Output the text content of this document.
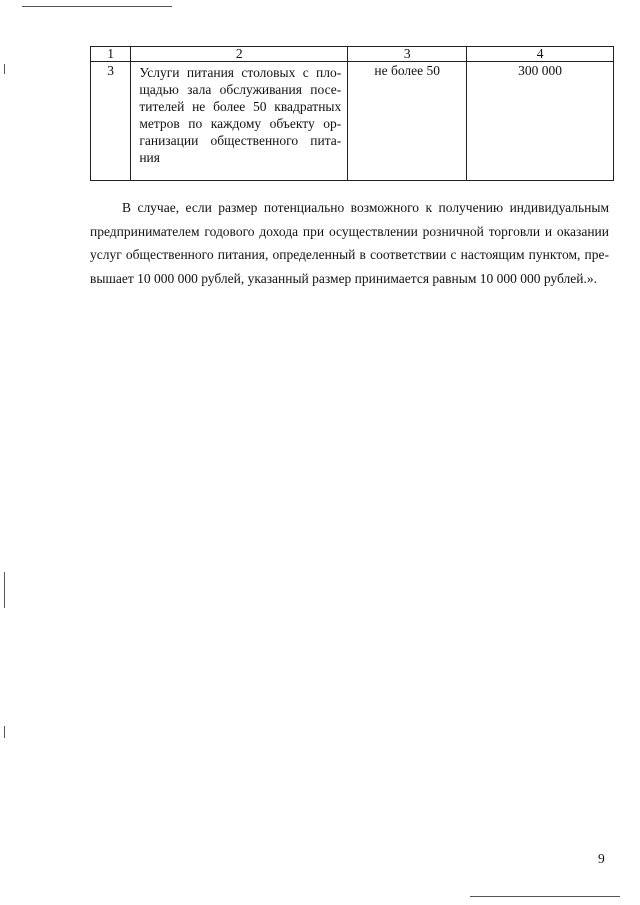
1	2	3	4
3	Услуги питания столовых с пло-щадью зала обслуживания посе-тителей не более 50 квадратных метров по каждому объекту ор-ганизации общественного пита-ния	не более 50	300 000

В случае, если размер потенциально возможного к получению индивидуальным предпринимателем годового дохода при осуществлении розничной торговли и оказании услуг общественного питания, определенный в соответствии с настоящим пунктом, пре-вышает 10 000 000 рублей, указанный размер принимается равным 10 000 000 рублей.».

9
